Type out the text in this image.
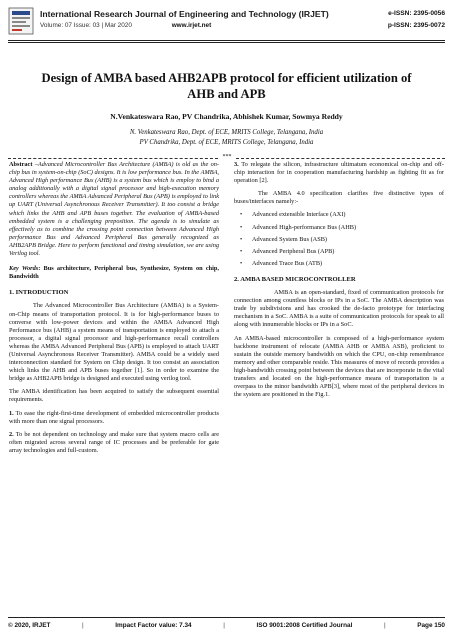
International Research Journal of Engineering and Technology (IRJET)
Volume: 07 Issue: 03 | Mar 2020	www.irjet.net
e-ISSN: 2395-0056
p-ISSN: 2395-0072
Design of AMBA based AHB2APB protocol for efficient utilization of
AHB and APB
N.Venkateswara Rao, PV Chandrika, Abhishek Kumar, Sowmya Reddy
N. Venkateswara Rao, Dept. of ECE, MRITS College, Telangana, India
PV Chandrika, Dept. of ECE, MRITS College, Telangana, India
***

Abstract –Advanced Microcontroller Bus Architecture (AMBA) is old as the on-chip bus in system-on-chip (SoC) designs. It is low performance bus. In the AMBA, Advanced High performance Bus (AHB) is a system bus which is employ to bind a analog additionally with a digital signal processor and high-execution memory controllers whereas the AMBA Advanced Peripheral Bus (APB) is employed to link up UART (Universal Asynchronous Receiver Transmitter). It too consist a bridge which links the AHB and APB buses together. The evaluation of AMBA-based embedded system is a challenging preposition. The agenda is to simulate as effectively as to combine the crossing point connection between Advanced High performance Bus and Advanced Peripheral Bus generally recognized as AHB2APB Bridge. Here to perform functional and timing simulation, we are using Verilog tool.

Key Words: Bus architecture, Peripheral bus, Synthesize, System on chip, Bandwidth

1. INTRODUCTION

The Advanced Microcontroller Bus Architecture (AMBA) is a System-on-Chip means of transportation protocol. It is for high-performance buses to converse with low-power devices and within the AMBA Advanced High Performance bus (AHB) a system means of transportation is employed to attach a processor, a digital signal processor and high-performance recall controllers whereas the AMBA Advanced Peripheral Bus (APB) is employed to attach UART (Universal Asynchronous Receiver Transmitter). AMBA could be a widely used interconnection standard for System on Chip design. It too consist an association which links the AHB and APB buses together [1]. So in order to examine the bridge as AHB2APB bridge is designed and executed using verilog tool.

The AMBA identification has been acquired to satisfy the subsequent essential requirements.

1. To ease the right-first-time development of embedded microcontroller products with more than one signal processors.

2. To be not dependent on technology and make sure that system macro cells are often migrated across several range of IC processes and be preferable for gate array technologies and full-custom.

3. To relegate the silicon, infrastructure ultimatum economical on-chip and off-chip interaction for in cooperation manufacturing hardship as fighting fit as for operation [2].

The AMBA 4.0 specification clarifies five distinctive types of buses/interfaces namely:-

• Advanced extensible Interface (AXI)
• Advanced High-performance Bus (AHB)
• Advanced System Bus (ASB)
• Advanced Peripheral Bus (APB)
• Advanced Trace Bus (ATB)

2. AMBA BASED MICROCONTROLLER

AMBA is an open-standard, fixed of communication protocols for connection among countless blocks or IPs in a SoC. The AMBA description was trade by subdivisions and has crooked the de-facto prototype for interfacing mechanism in a SoC. AMBA is a suite of communication protocols for speak to all along with innumerable blocks or IPs in a SoC.

An AMBA-based microcontroller is composed of a high-performance system backbone instrument of relocate (AMBA AHB or AMBA ASB), proficient to sustain the outside memory bandwidth on which the CPU, on-chip remembrance memory and other comparable reside. This measures of move of records provides a high-bandwidth crossing point between the devices that are incorporate in the vital transfers and located on the high-performance means of transportation is a overpass to the minor bandwidth APB[3], where most of the peripheral devices in the system are positioned in the Fig.1.

© 2020, IRJET	|	Impact Factor value: 7.34	|	ISO 9001:2008 Certified Journal	|	Page 150
